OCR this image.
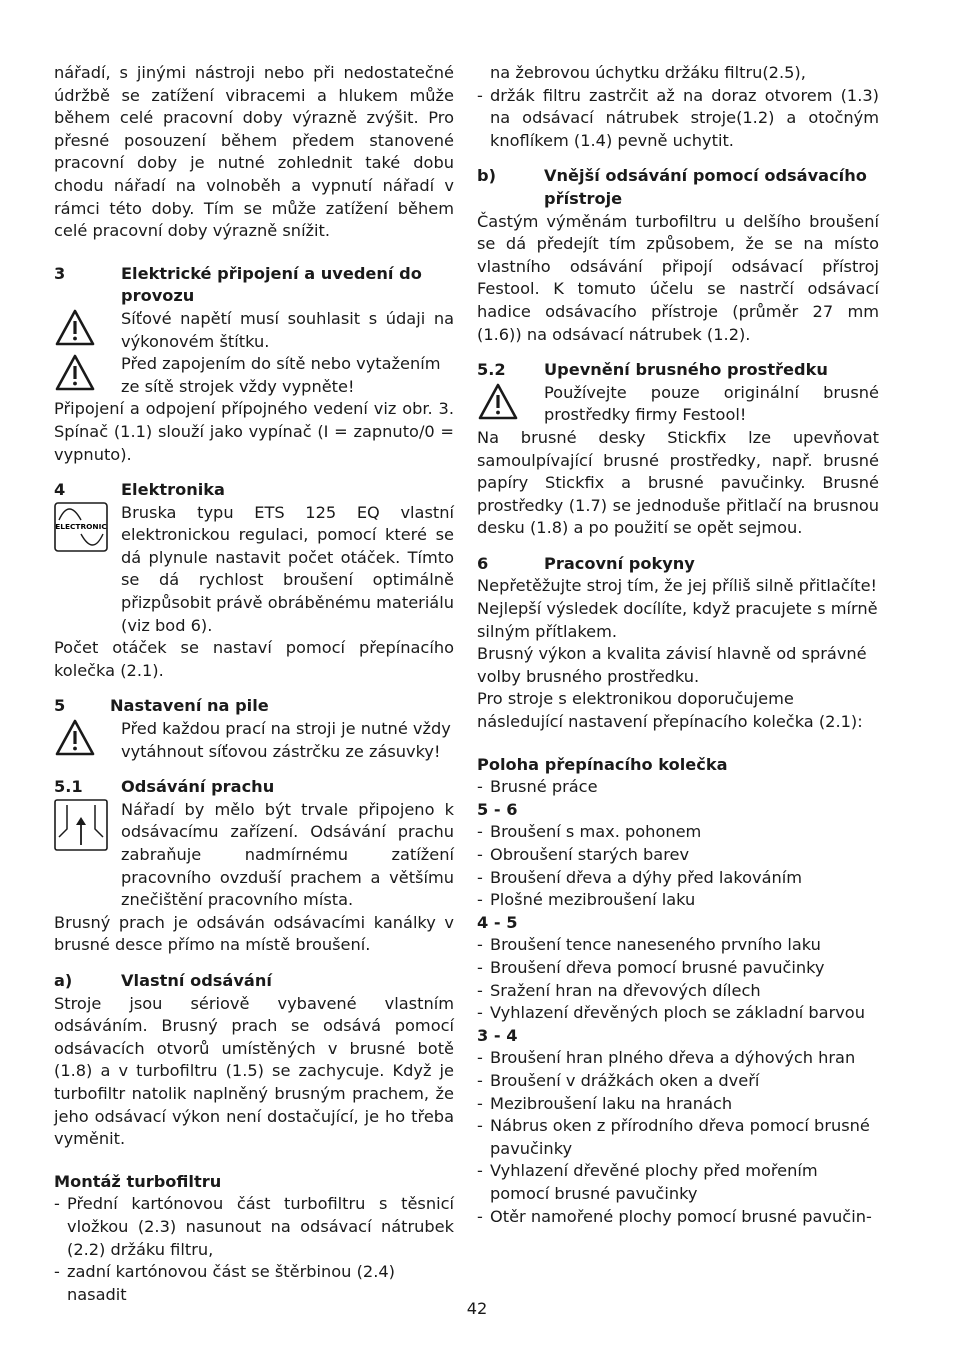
nářadí, s jinými nástroji nebo při nedostatečné údržbě se zatížení vibracemi a hlukem může během celé pracovní doby výrazně zvýšit. Pro přesné posouzení během předem stanovené pracovní doby je nutné zohlednit také dobu chodu nářadí na volnoběh a vypnutí nářadí v rámci této doby. Tím se může zatížení během celé pracovní doby výrazně snížit.

3	Elektrické připojení a uvedení do provozu

Síťové napětí musí souhlasit s údaji na výkonovém štítku.

Před zapojením do sítě nebo vytažením ze sítě strojek vždy vypněte!

Připojení a odpojení přípojného vedení viz obr. 3. Spínač (1.1) slouží jako vypínač (I = zapnuto/0 = vypnuto).

4	Elektronika
ELECTRONIC

Bruska typu ETS 125 EQ vlastní elektronickou regulaci, pomocí které se dá plynule nastavit počet otáček. Tímto se dá rychlost broušení optimálně přizpůsobit právě obráběnému materiálu (viz bod 6).

Počet otáček se nastaví pomocí přepínacího kolečka (2.1).

5	Nastavení na pile

Před každou prací na stroji je nutné vždy vytáhnout síťovou zástrčku ze zásuvky!

5.1	Odsávání prachu

Nářadí by mělo být trvale připojeno k odsávacímu zařízení. Odsávání prachu zabraňuje nadmírnému zatížení pracovního ovzduší prachem a většímu znečištění pracovního místa.

Brusný prach je odsáván odsávacími kanálky v brusné desce přímo na místě broušení.

a)	Vlastní odsávání

Stroje jsou sériově vybavené vlastním odsáváním. Brusný prach se odsává pomocí odsávacích otvorů umístěných v brusné botě (1.8) a v turbofiltru (1.5) se zachycuje. Když je turbofiltr natolik naplněný brusným prachem, že jeho odsávací výkon není dostačující, je ho třeba vyměnit.

Montáž turbofiltru

- Přední kartónovou část turbofiltru s těsnicí vložkou (2.3) nasunout na odsávací nátrubek (2.2) držáku filtru,
- zadní kartónovou část se štěrbinou (2.4) nasadit
na žebrovou úchytku držáku filtru(2.5),
- držák filtru zastrčit až na doraz otvorem (1.3) na odsávací nátrubek stroje(1.2) a otočným knoflíkem (1.4) pevně uchytit.
b)	Vnější odsávání pomocí odsávacího přístroje

Častým výměnám turbofiltru u delšího broušení se dá předejít tím způsobem, že se na místo vlastního odsávání připojí odsávací přístroj Festool. K tomuto účelu se nastrčí odsávací hadice odsávacího přístroje (průměr 27 mm (1.6)) na odsávací nátrubek (1.2).

5.2	Upevnění brusného prostředku

Používejte pouze originální brusné prostředky firmy Festool!

Na brusné desky Stickfix lze upevňovat samoulpívající brusné prostředky, např. brusné papíry Stickfix a brusné pavučinky. Brusné prostředky (1.7) se jednoduše přitlačí na brusnou desku (1.8) a po použití se opět sejmou.

6	Pracovní pokyny

Nepřetěžujte stroj tím, že jej příliš silně přitlačíte!

Nejlepší výsledek docílíte, když pracujete s mírně silným přítlakem.

Brusný výkon a kvalita závisí hlavně od správné volby brusného prostředku.

Pro stroje s elektronikou doporučujeme následující nastavení přepínacího kolečka (2.1):

Poloha přepínacího kolečka

- Brusné práce

5 - 6

- Broušení s max. pohonem
- Obroušení starých barev
- Broušení dřeva a dýhy před lakováním
- Plošné mezibroušení laku

4 - 5

- Broušení tence naneseného prvního laku
- Broušení dřeva pomocí brusné pavučinky
- Sražení hran na dřevových dílech
- Vyhlazení dřevěných ploch se základní barvou

3 - 4

- Broušení hran plného dřeva a dýhových hran
- Broušení v drážkách oken a dveří
- Mezibroušení laku na hranách
- Nábrus oken z přírodního dřeva pomocí brusné pavučinky
- Vyhlazení dřevěné plochy před mořením pomocí brusné pavučinky
- Otěr namořené plochy pomocí brusné pavučin-
42
